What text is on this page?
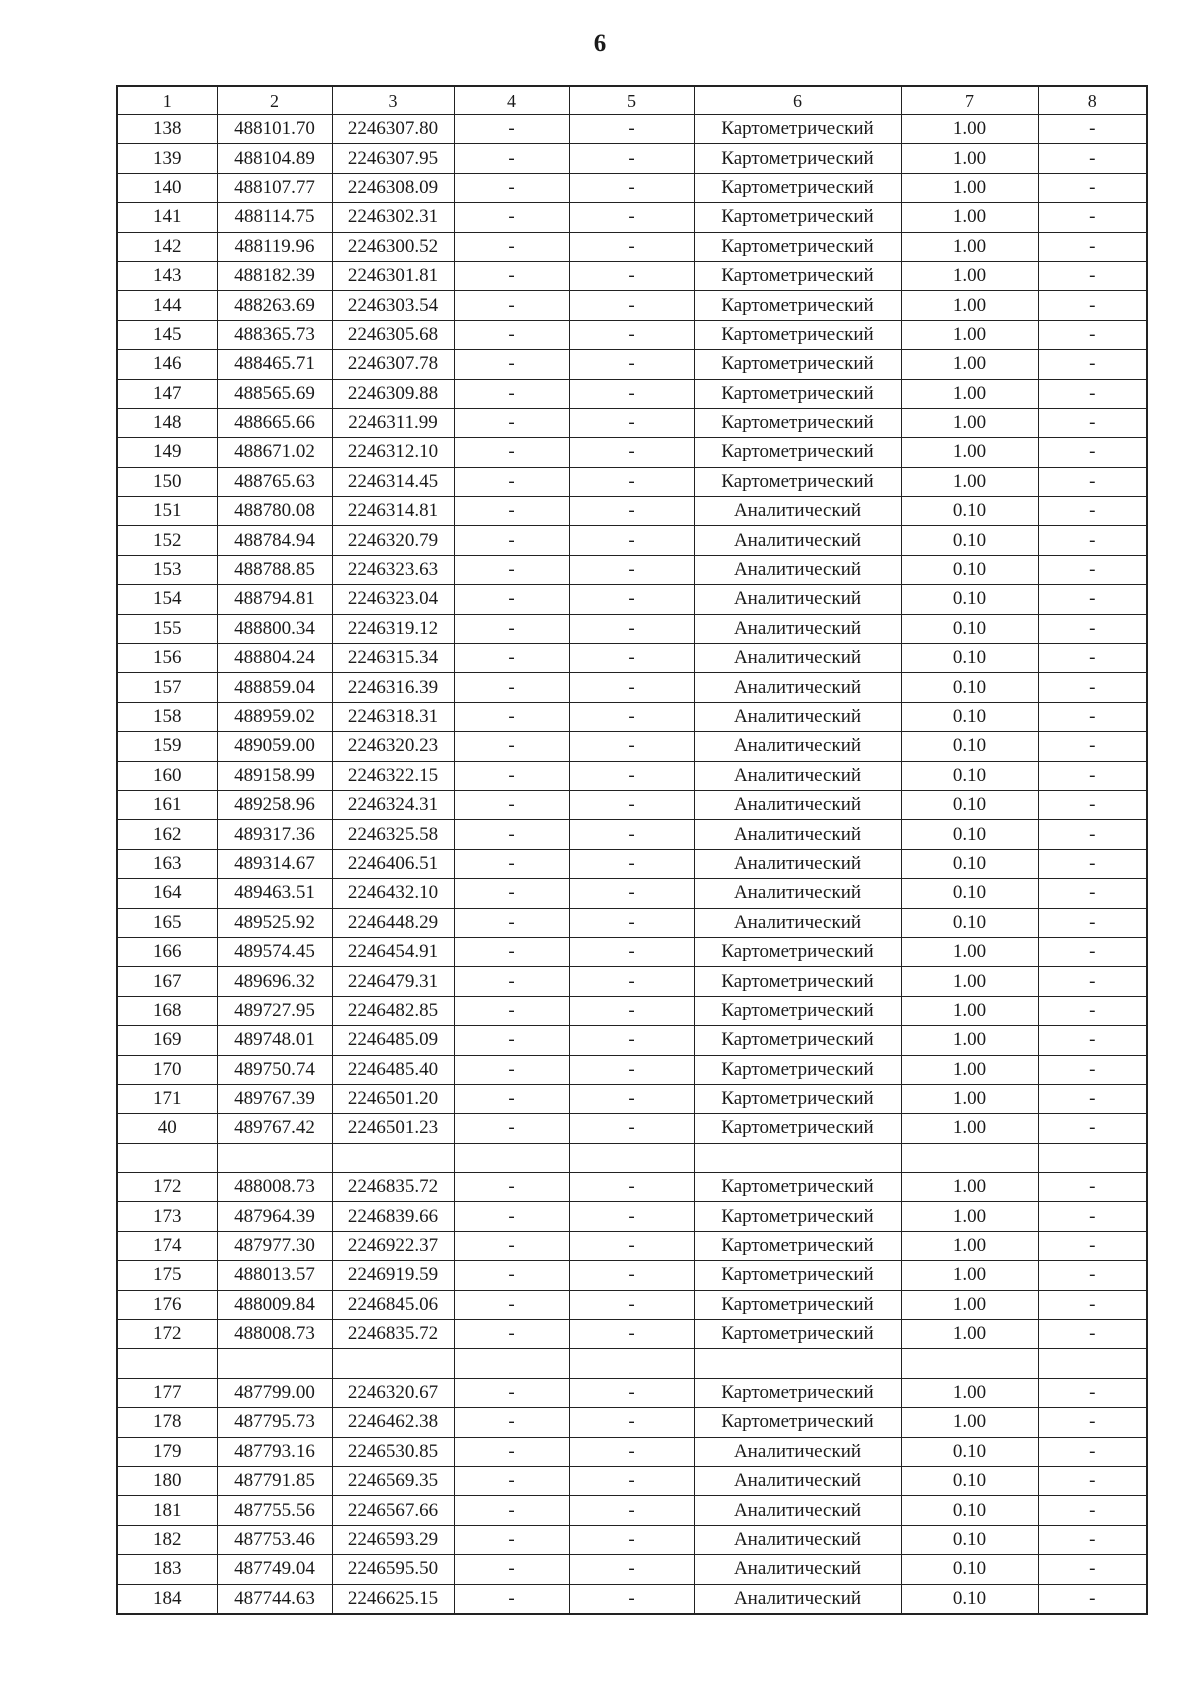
6
1	2	3	4	5	6	7	8
138	488101.70	2246307.80	-	-	Картометрический	1.00	-
139	488104.89	2246307.95	-	-	Картометрический	1.00	-
140	488107.77	2246308.09	-	-	Картометрический	1.00	-
141	488114.75	2246302.31	-	-	Картометрический	1.00	-
142	488119.96	2246300.52	-	-	Картометрический	1.00	-
143	488182.39	2246301.81	-	-	Картометрический	1.00	-
144	488263.69	2246303.54	-	-	Картометрический	1.00	-
145	488365.73	2246305.68	-	-	Картометрический	1.00	-
146	488465.71	2246307.78	-	-	Картометрический	1.00	-
147	488565.69	2246309.88	-	-	Картометрический	1.00	-
148	488665.66	2246311.99	-	-	Картометрический	1.00	-
149	488671.02	2246312.10	-	-	Картометрический	1.00	-
150	488765.63	2246314.45	-	-	Картометрический	1.00	-
151	488780.08	2246314.81	-	-	Аналитический	0.10	-
152	488784.94	2246320.79	-	-	Аналитический	0.10	-
153	488788.85	2246323.63	-	-	Аналитический	0.10	-
154	488794.81	2246323.04	-	-	Аналитический	0.10	-
155	488800.34	2246319.12	-	-	Аналитический	0.10	-
156	488804.24	2246315.34	-	-	Аналитический	0.10	-
157	488859.04	2246316.39	-	-	Аналитический	0.10	-
158	488959.02	2246318.31	-	-	Аналитический	0.10	-
159	489059.00	2246320.23	-	-	Аналитический	0.10	-
160	489158.99	2246322.15	-	-	Аналитический	0.10	-
161	489258.96	2246324.31	-	-	Аналитический	0.10	-
162	489317.36	2246325.58	-	-	Аналитический	0.10	-
163	489314.67	2246406.51	-	-	Аналитический	0.10	-
164	489463.51	2246432.10	-	-	Аналитический	0.10	-
165	489525.92	2246448.29	-	-	Аналитический	0.10	-
166	489574.45	2246454.91	-	-	Картометрический	1.00	-
167	489696.32	2246479.31	-	-	Картометрический	1.00	-
168	489727.95	2246482.85	-	-	Картометрический	1.00	-
169	489748.01	2246485.09	-	-	Картометрический	1.00	-
170	489750.74	2246485.40	-	-	Картометрический	1.00	-
171	489767.39	2246501.20	-	-	Картометрический	1.00	-
40	489767.42	2246501.23	-	-	Картометрический	1.00	-

172	488008.73	2246835.72	-	-	Картометрический	1.00	-
173	487964.39	2246839.66	-	-	Картометрический	1.00	-
174	487977.30	2246922.37	-	-	Картометрический	1.00	-
175	488013.57	2246919.59	-	-	Картометрический	1.00	-
176	488009.84	2246845.06	-	-	Картометрический	1.00	-
172	488008.73	2246835.72	-	-	Картометрический	1.00	-

177	487799.00	2246320.67	-	-	Картометрический	1.00	-
178	487795.73	2246462.38	-	-	Картометрический	1.00	-
179	487793.16	2246530.85	-	-	Аналитический	0.10	-
180	487791.85	2246569.35	-	-	Аналитический	0.10	-
181	487755.56	2246567.66	-	-	Аналитический	0.10	-
182	487753.46	2246593.29	-	-	Аналитический	0.10	-
183	487749.04	2246595.50	-	-	Аналитический	0.10	-
184	487744.63	2246625.15	-	-	Аналитический	0.10	-
